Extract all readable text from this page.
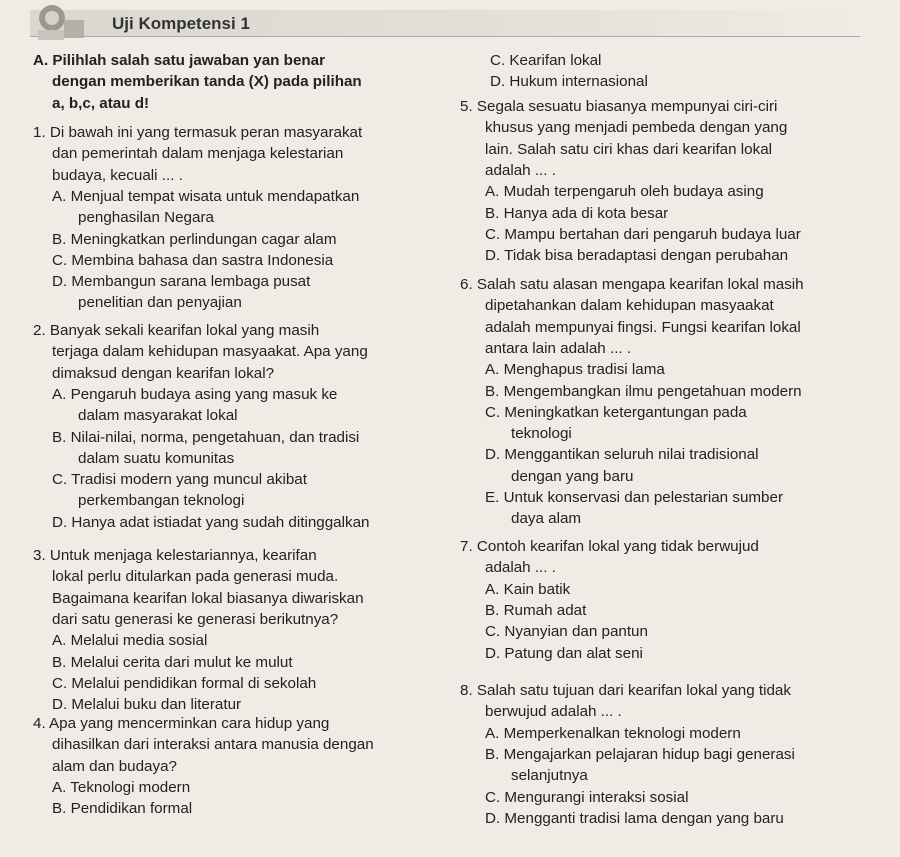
Uji Kompetensi 1
A. Pilihlah salah satu jawaban yan benar
dengan memberikan tanda (X) pada pilihan
a, b,c, atau d!
1. Di bawah ini yang termasuk peran masyarakat
dan pemerintah dalam menjaga kelestarian
budaya, kecuali ... .
A. Menjual tempat wisata untuk mendapatkan
penghasilan Negara
B. Meningkatkan perlindungan cagar alam
C. Membina bahasa dan sastra Indonesia
D. Membangun sarana lembaga pusat
penelitian dan penyajian
2. Banyak sekali kearifan lokal yang masih
terjaga dalam kehidupan masyaakat. Apa yang
dimaksud dengan kearifan lokal?
A. Pengaruh budaya asing yang masuk ke
dalam masyarakat lokal
B. Nilai-nilai, norma, pengetahuan, dan tradisi
dalam suatu komunitas
C. Tradisi modern yang muncul akibat
perkembangan teknologi
D. Hanya adat istiadat yang sudah ditinggalkan
3. Untuk menjaga kelestariannya, kearifan
lokal perlu ditularkan pada generasi muda.
Bagaimana kearifan lokal biasanya diwariskan
dari satu generasi ke generasi berikutnya?
A. Melalui media sosial
B. Melalui cerita dari mulut ke mulut
C. Melalui pendidikan formal di sekolah
D. Melalui buku dan literatur
4. Apa yang mencerminkan cara hidup yang
dihasilkan dari interaksi antara manusia dengan
alam dan budaya?
A. Teknologi modern
B. Pendidikan formal
C. Kearifan lokal
D. Hukum internasional
5. Segala sesuatu biasanya mempunyai ciri-ciri
khusus yang menjadi pembeda dengan yang
lain. Salah satu ciri khas dari kearifan lokal
adalah ... .
A. Mudah terpengaruh oleh budaya asing
B. Hanya ada di kota besar
C. Mampu bertahan dari pengaruh budaya luar
D. Tidak bisa beradaptasi dengan perubahan
6. Salah satu alasan mengapa kearifan lokal masih
dipetahankan dalam kehidupan masyaakat
adalah mempunyai fingsi. Fungsi kearifan lokal
antara lain adalah ... .
A. Menghapus tradisi lama
B. Mengembangkan ilmu pengetahuan modern
C. Meningkatkan ketergantungan pada
teknologi
D. Menggantikan seluruh nilai tradisional
dengan yang baru
E. Untuk konservasi dan pelestarian sumber
daya alam
7. Contoh kearifan lokal yang tidak berwujud
adalah ... .
A. Kain batik
B. Rumah adat
C. Nyanyian dan pantun
D. Patung dan alat seni
8. Salah satu tujuan dari kearifan lokal yang tidak
berwujud adalah ... .
A. Memperkenalkan teknologi modern
B. Mengajarkan pelajaran hidup bagi generasi
selanjutnya
C. Mengurangi interaksi sosial
D. Mengganti tradisi lama dengan yang baru
